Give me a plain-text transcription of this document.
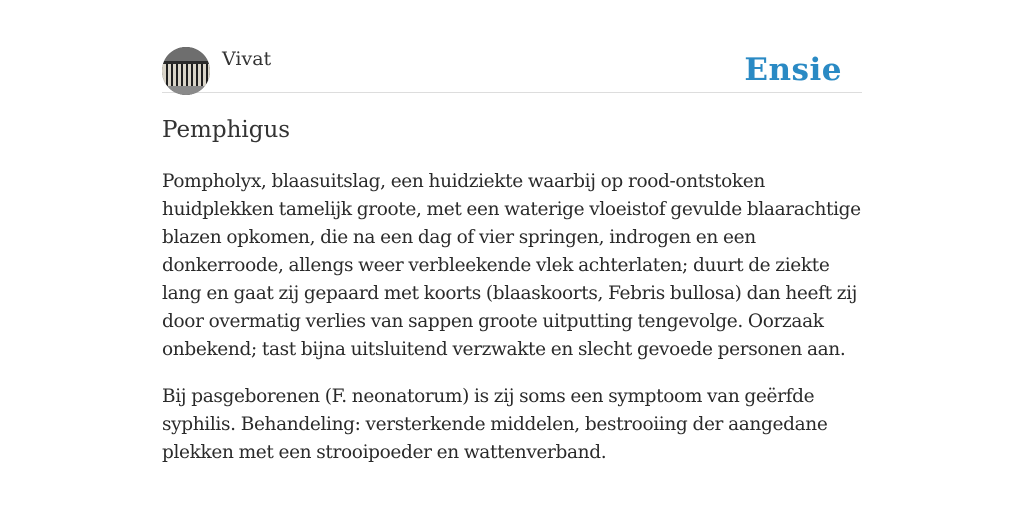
Vivat	Ensie
Pemphigus

Pompholyx, blaasuitslag, een huidziekte waarbij op rood-ontstoken huidplekken tamelijk groote, met een waterige vloeistof gevulde blaarachtige blazen opkomen, die na een dag of vier springen, indrogen en een donkerroode, allengs weer verbleekende vlek achterlaten; duurt de ziekte lang en gaat zij gepaard met koorts (blaaskoorts, Febris bullosa) dan heeft zij door overmatig verlies van sappen groote uitputting tengevolge. Oorzaak onbekend; tast bijna uitsluitend verzwakte en slecht gevoede personen aan.

Bij pasgeborenen (F. neonatorum) is zij soms een symptoom van geërfde syphilis. Behandeling: versterkende middelen, bestrooiing der aangedane plekken met een strooipoeder en wattenverband.
